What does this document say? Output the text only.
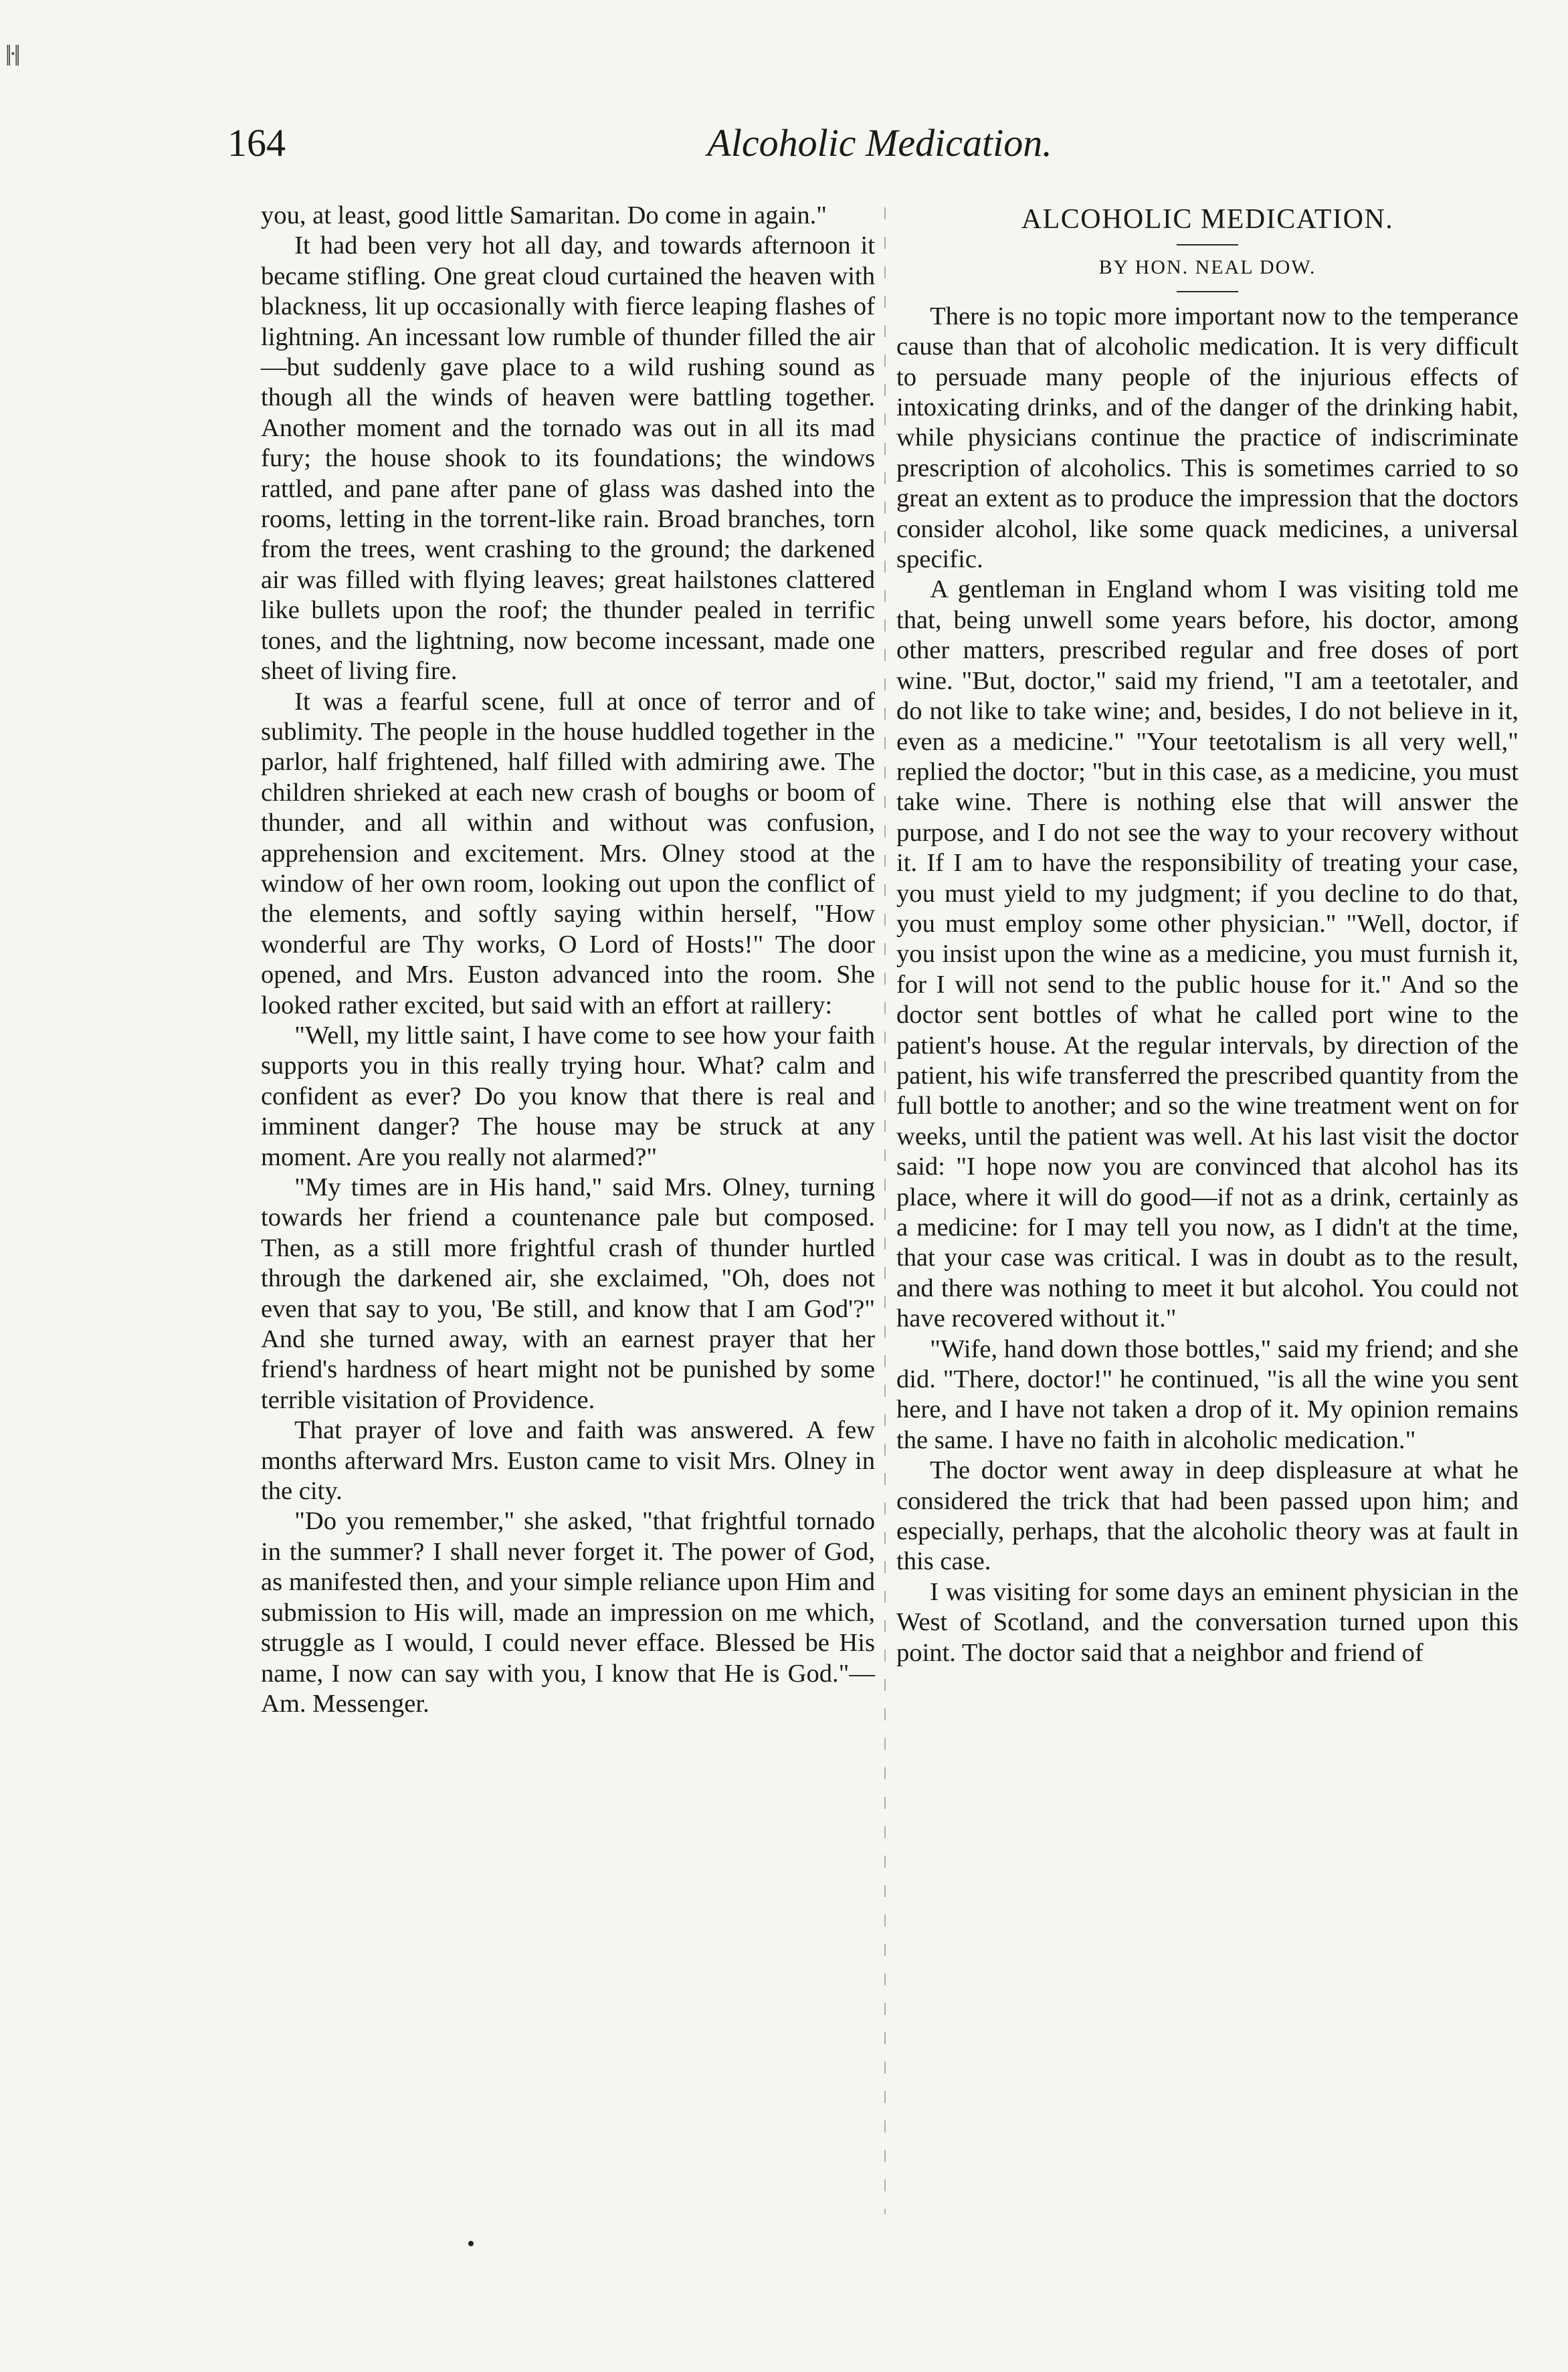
||·||
164	Alcoholic Medication.

you, at least, good little Samaritan. Do come in again."

It had been very hot all day, and towards afternoon it became stifling. One great cloud curtained the heaven with blackness, lit up occasionally with fierce leaping flashes of lightning. An incessant low rumble of thunder filled the air—but suddenly gave place to a wild rushing sound as though all the winds of heaven were battling together. Another moment and the tornado was out in all its mad fury; the house shook to its foundations; the windows rattled, and pane after pane of glass was dashed into the rooms, letting in the torrent-like rain. Broad branches, torn from the trees, went crashing to the ground; the darkened air was filled with flying leaves; great hailstones clattered like bullets upon the roof; the thunder pealed in terrific tones, and the lightning, now become incessant, made one sheet of living fire.

It was a fearful scene, full at once of terror and of sublimity. The people in the house huddled together in the parlor, half frightened, half filled with admiring awe. The children shrieked at each new crash of boughs or boom of thunder, and all within and without was confusion, apprehension and excitement. Mrs. Olney stood at the window of her own room, looking out upon the conflict of the elements, and softly saying within herself, "How wonderful are Thy works, O Lord of Hosts!" The door opened, and Mrs. Euston advanced into the room. She looked rather excited, but said with an effort at raillery:

"Well, my little saint, I have come to see how your faith supports you in this really trying hour. What? calm and confident as ever? Do you know that there is real and imminent danger? The house may be struck at any moment. Are you really not alarmed?"

"My times are in His hand," said Mrs. Olney, turning towards her friend a countenance pale but composed. Then, as a still more frightful crash of thunder hurtled through the darkened air, she exclaimed, "Oh, does not even that say to you, 'Be still, and know that I am God'?" And she turned away, with an earnest prayer that her friend's hardness of heart might not be punished by some terrible visitation of Providence.

That prayer of love and faith was answered. A few months afterward Mrs. Euston came to visit Mrs. Olney in the city.

"Do you remember," she asked, "that frightful tornado in the summer? I shall never forget it. The power of God, as manifested then, and your simple reliance upon Him and submission to His will, made an impression on me which, struggle as I would, I could never efface. Blessed be His name, I now can say with you, I know that He is God."—Am. Messenger.

ALCOHOLIC MEDICATION.
BY HON. NEAL DOW.

There is no topic more important now to the temperance cause than that of alcoholic medication. It is very difficult to persuade many people of the injurious effects of intoxicating drinks, and of the danger of the drinking habit, while physicians continue the practice of indiscriminate prescription of alcoholics. This is sometimes carried to so great an extent as to produce the impression that the doctors consider alcohol, like some quack medicines, a universal specific.

A gentleman in England whom I was visiting told me that, being unwell some years before, his doctor, among other matters, prescribed regular and free doses of port wine. "But, doctor," said my friend, "I am a teetotaler, and do not like to take wine; and, besides, I do not believe in it, even as a medicine." "Your teetotalism is all very well," replied the doctor; "but in this case, as a medicine, you must take wine. There is nothing else that will answer the purpose, and I do not see the way to your recovery without it. If I am to have the responsibility of treating your case, you must yield to my judgment; if you decline to do that, you must employ some other physician." "Well, doctor, if you insist upon the wine as a medicine, you must furnish it, for I will not send to the public house for it." And so the doctor sent bottles of what he called port wine to the patient's house. At the regular intervals, by direction of the patient, his wife transferred the prescribed quantity from the full bottle to another; and so the wine treatment went on for weeks, until the patient was well. At his last visit the doctor said: "I hope now you are convinced that alcohol has its place, where it will do good—if not as a drink, certainly as a medicine: for I may tell you now, as I didn't at the time, that your case was critical. I was in doubt as to the result, and there was nothing to meet it but alcohol. You could not have recovered without it."

"Wife, hand down those bottles," said my friend; and she did. "There, doctor!" he continued, "is all the wine you sent here, and I have not taken a drop of it. My opinion remains the same. I have no faith in alcoholic medication."

The doctor went away in deep displeasure at what he considered the trick that had been passed upon him; and especially, perhaps, that the alcoholic theory was at fault in this case.

I was visiting for some days an eminent physician in the West of Scotland, and the conversation turned upon this point. The doctor said that a neighbor and friend of
